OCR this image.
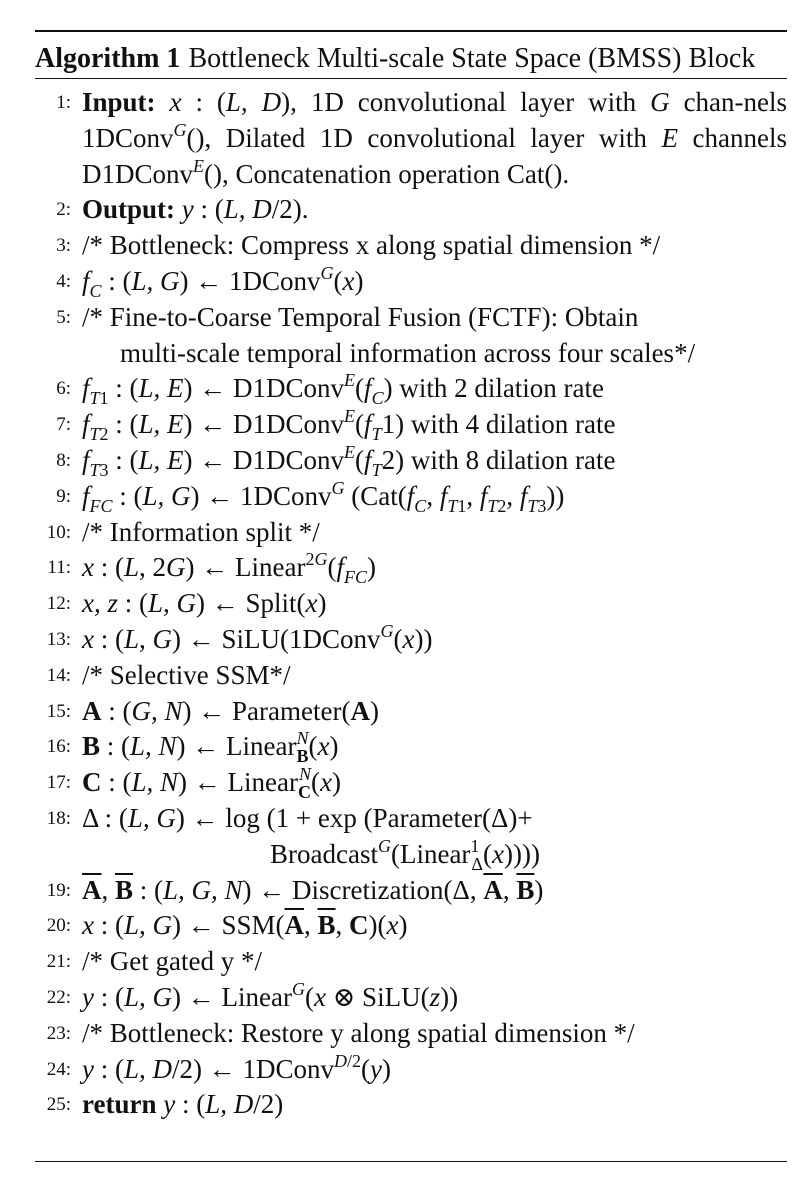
Algorithm 1 Bottleneck Multi-scale State Space (BMSS) Block
1: Input: x : (L, D), 1D convolutional layer with G chan-nels 1DConv$^G$(), Dilated 1D convolutional layer with E channels D1DConv$^E$(), Concatenation operation Cat().
2: Output: y : (L, D/2).
3: /* Bottleneck: Compress x along spatial dimension */
4: $f_C$ : (L, G) ← 1DConv$^G$(x)
5: /* Fine-to-Coarse Temporal Fusion (FCTF): Obtain
multi-scale temporal information across four scales*/
6: $f_{T1}$ : (L, E) ← $D1DConv^E(f_C)$ with 2 dilation rate
7: $f_{T2}$ : (L, E) ← $D1DConv^E(f_T1)$ with 4 dilation rate
8: $f_{T3}$ : (L, E) ← $D1DConv^E(f_T2)$ with 8 dilation rate
9: $f_{FC}$ : (L, G) ← 1DConv$^G$ ($Cat(f_C$, $f_{T1}$, $f_{T2}$, $f_{T3}$))
10: /* Information split */
11: x : (L, 2G) ← $Linear^{2G}(f_{FC})$
12: x, z : (L, G) ← Split(x)
13: x : (L, G) ← SiLU(1DConv$^G$(x))
14: /* Selective SSM*/
15: A : (G, N) ← Parameter(A)
16: B : (L, N) ← Linear$_B^N$(x)
17: C : (L, N) ← Linear$_C^N$(x)
18: Δ : (L, G) ← log (1 + exp (Parameter(Δ)+
Broadcast$^G$(Linear$^1_\Delta$(x))))
19: $\overline{A}$, $\overline{B}$ : (L, G, N) ← Discretization(Δ, $\overline{A}$, $\overline{B}$)
20: x : (L, G) ← $SSM(\overline{A}$, $\overline{B}$, C)(x)
21: /* Get gated y */
22: y : (L, G) ← Linear$^G$(x ⊗ SiLU(z))
23: /* Bottleneck: Restore y along spatial dimension */
24: y : (L, D/2) ← 1DConv$^{D/2}$(y)
25: return y : (L, D/2)
